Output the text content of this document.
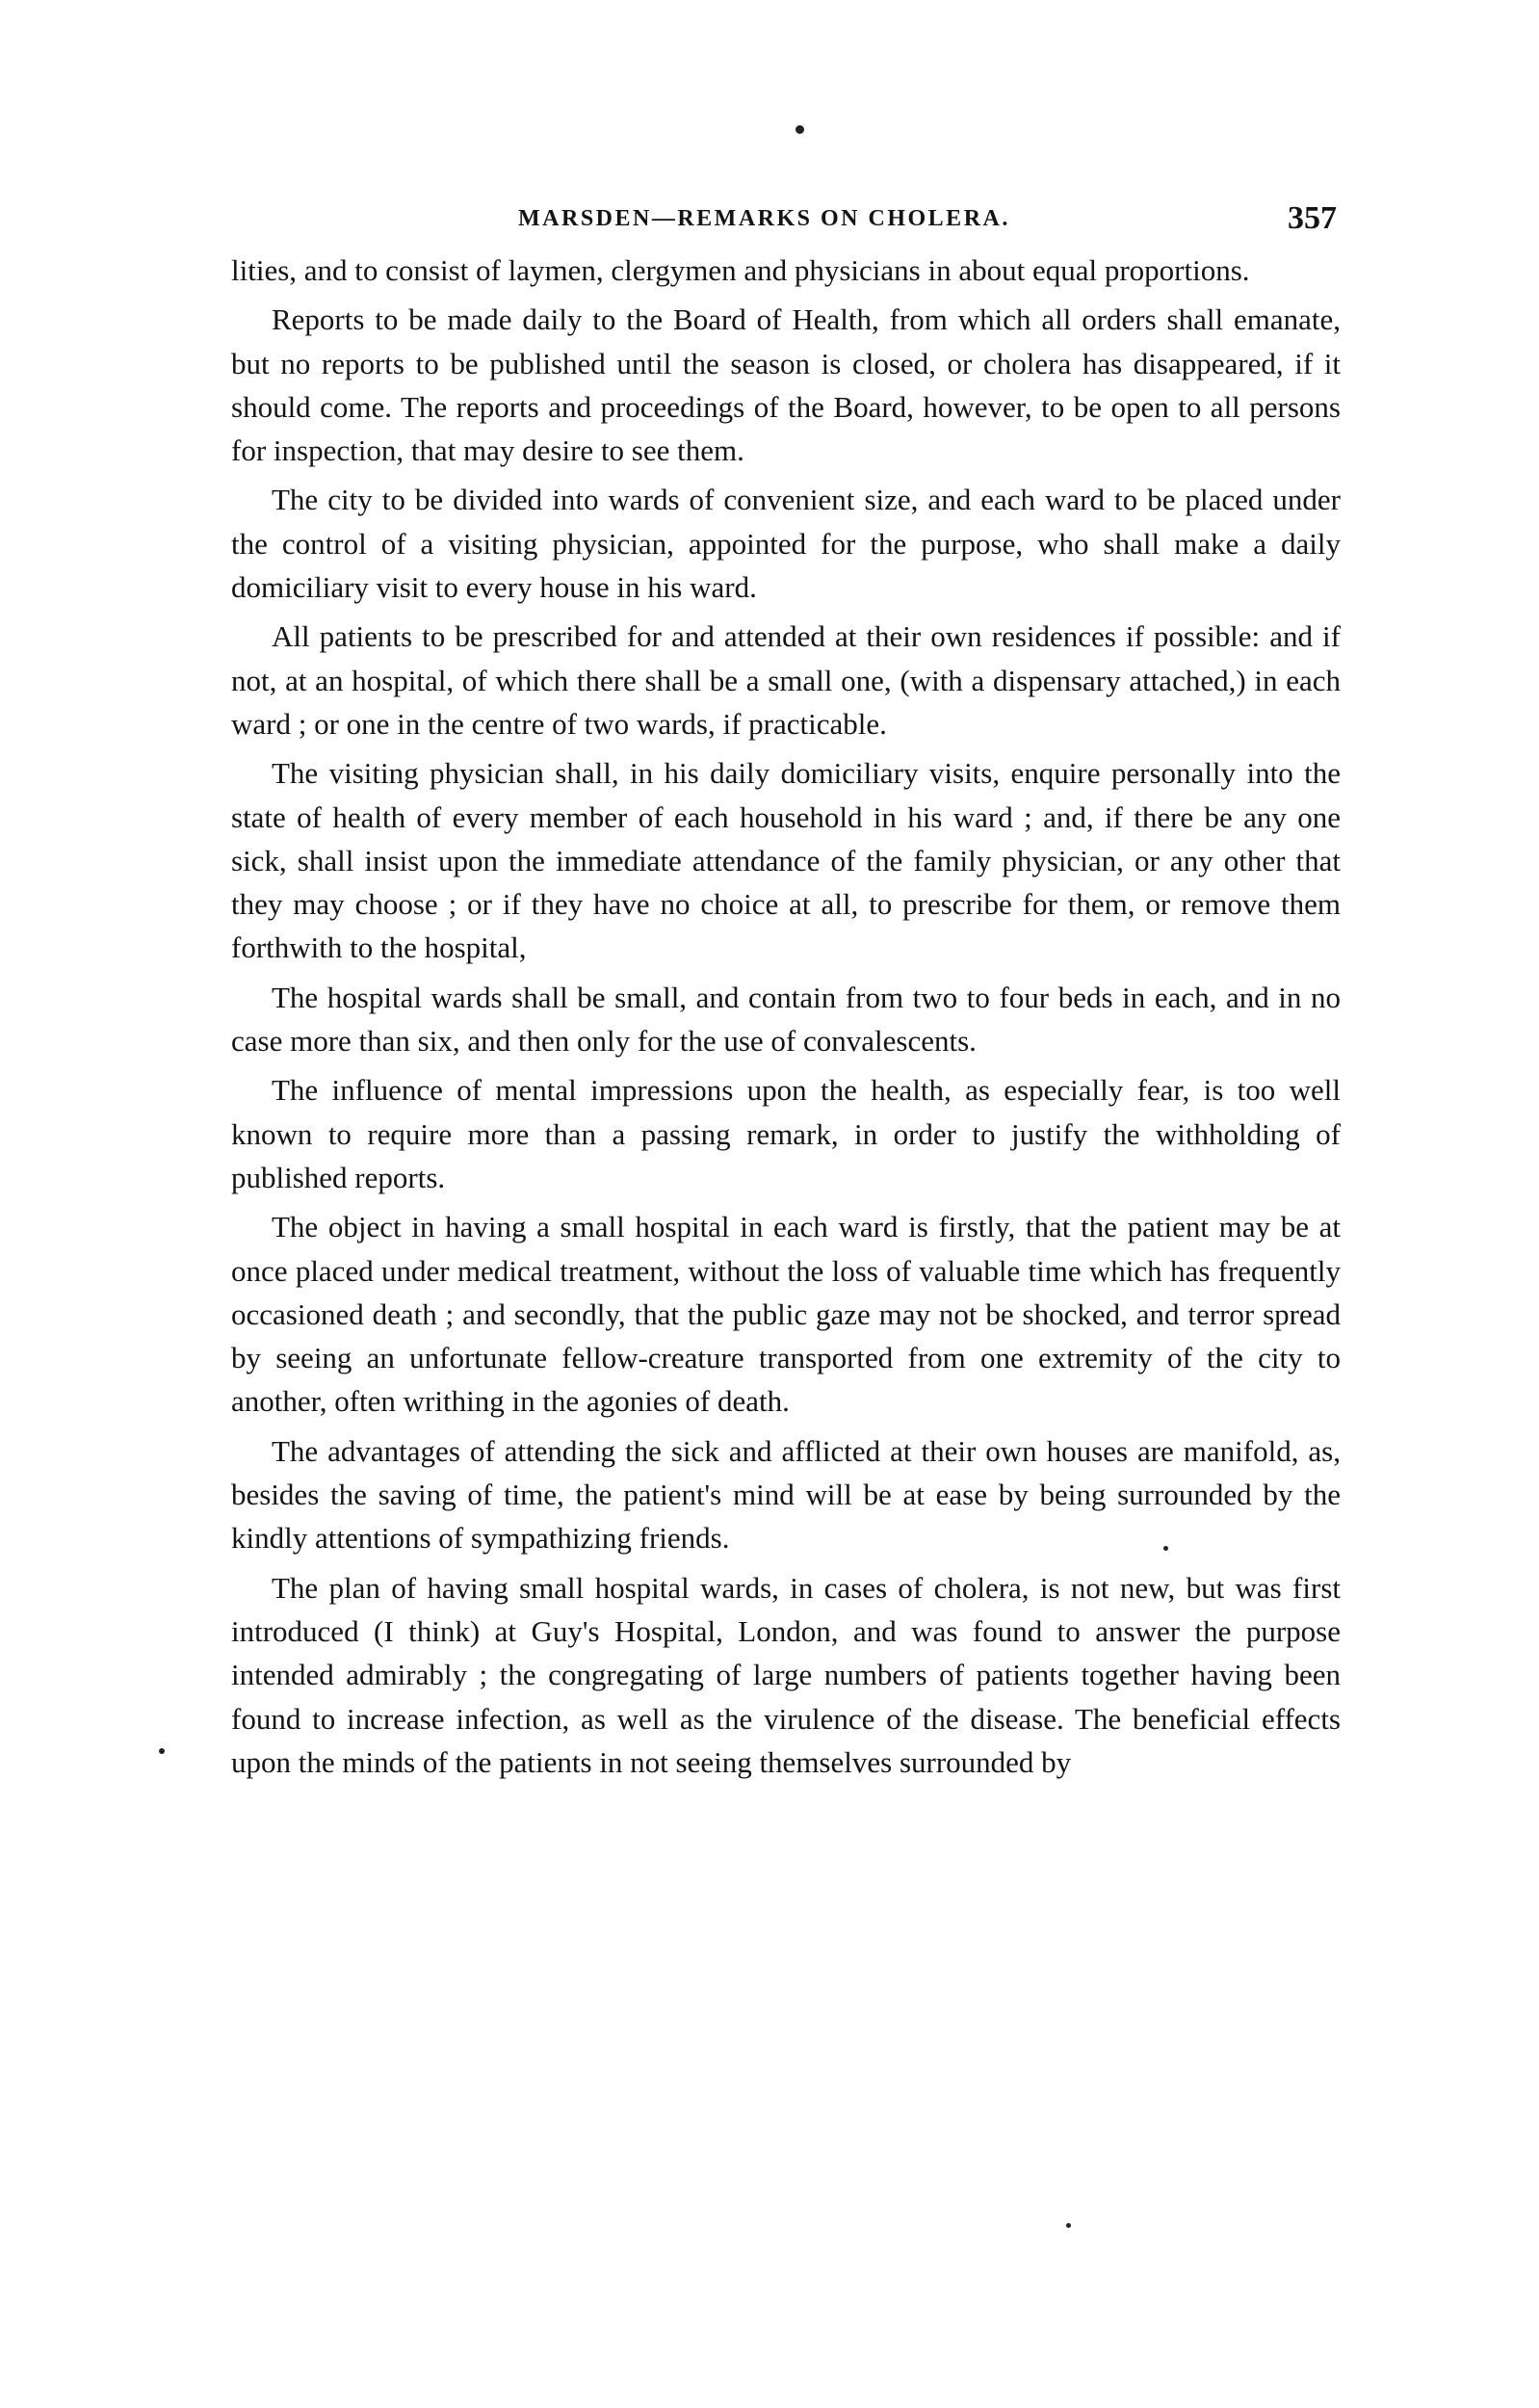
MARSDEN—REMARKS ON CHOLERA.	357

lities, and to consist of laymen, clergymen and physicians in about equal proportions.

Reports to be made daily to the Board of Health, from which all orders shall emanate, but no reports to be published until the season is closed, or cholera has disappeared, if it should come. The reports and proceedings of the Board, however, to be open to all persons for inspection, that may desire to see them.

The city to be divided into wards of convenient size, and each ward to be placed under the control of a visiting physician, appointed for the purpose, who shall make a daily domiciliary visit to every house in his ward.

All patients to be prescribed for and attended at their own residences if possible: and if not, at an hospital, of which there shall be a small one, (with a dispensary attached,) in each ward ; or one in the centre of two wards, if practicable.

The visiting physician shall, in his daily domiciliary visits, enquire personally into the state of health of every member of each household in his ward ; and, if there be any one sick, shall insist upon the immediate attendance of the family physician, or any other that they may choose ; or if they have no choice at all, to prescribe for them, or remove them forthwith to the hospital,

The hospital wards shall be small, and contain from two to four beds in each, and in no case more than six, and then only for the use of convalescents.

The influence of mental impressions upon the health, as especially fear, is too well known to require more than a passing remark, in order to justify the withholding of published reports.

The object in having a small hospital in each ward is firstly, that the patient may be at once placed under medical treatment, without the loss of valuable time which has frequently occasioned death ; and secondly, that the public gaze may not be shocked, and terror spread by seeing an unfortunate fellow-creature transported from one extremity of the city to another, often writhing in the agonies of death.

The advantages of attending the sick and afflicted at their own houses are manifold, as, besides the saving of time, the patient's mind will be at ease by being surrounded by the kindly attentions of sympathizing friends.

The plan of having small hospital wards, in cases of cholera, is not new, but was first introduced (I think) at Guy's Hospital, London, and was found to answer the purpose intended admirably ; the congregating of large numbers of patients together having been found to increase infection, as well as the virulence of the disease. The beneficial effects upon the minds of the patients in not seeing themselves surrounded by
